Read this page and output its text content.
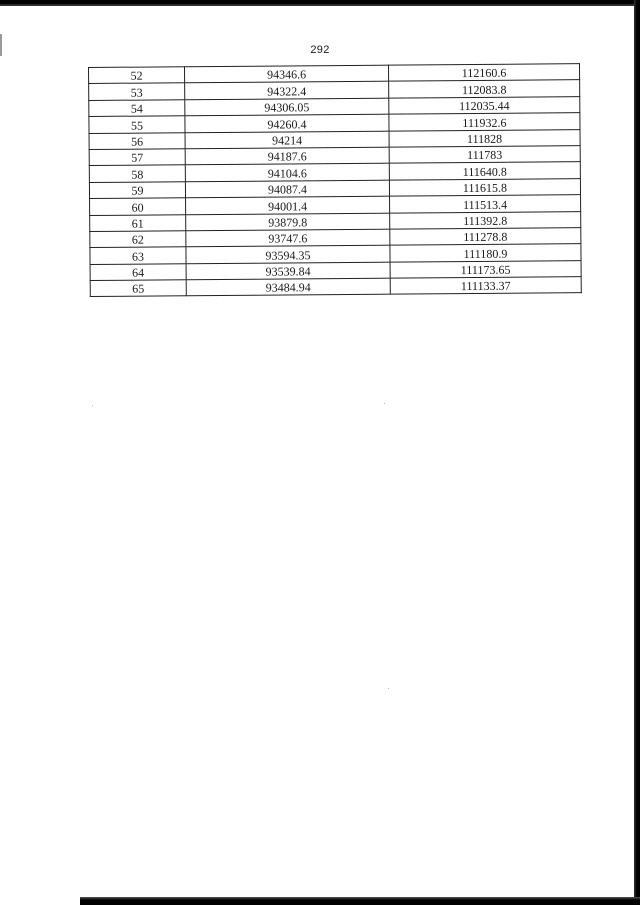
292
52	94346.6	112160.6
53	94322.4	112083.8
54	94306.05	112035.44
55	94260.4	111932.6
56	94214	111828
57	94187.6	111783
58	94104.6	111640.8
59	94087.4	111615.8
60	94001.4	111513.4
61	93879.8	111392.8
62	93747.6	111278.8
63	93594.35	111180.9
64	93539.84	111173.65
65	93484.94	111133.37
